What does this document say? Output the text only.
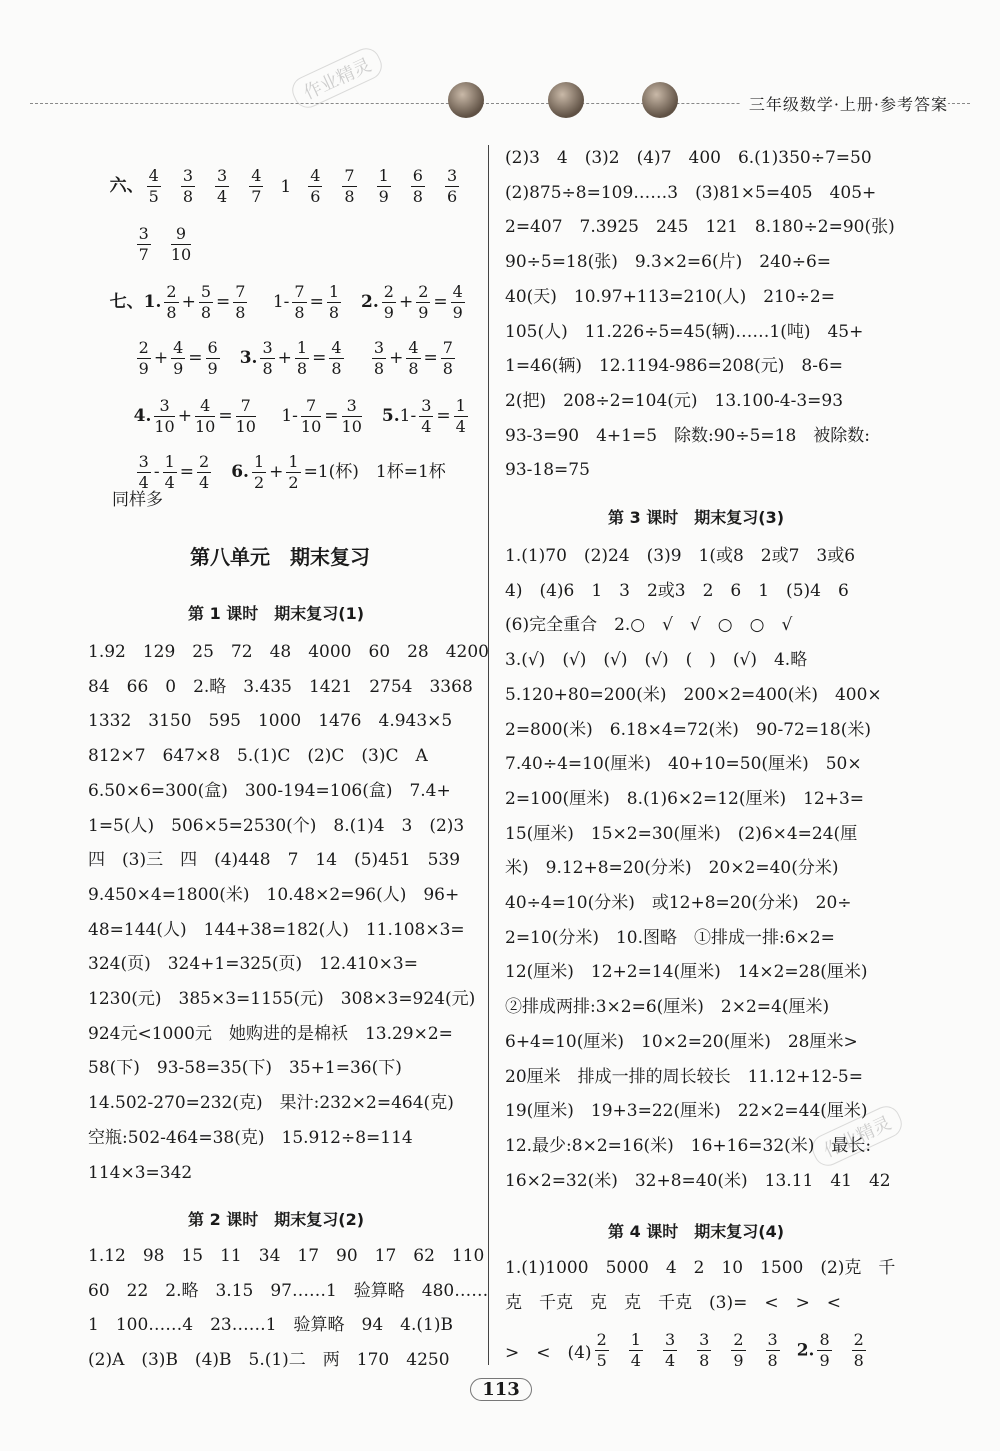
三年级数学·上册·参考答案
作业精灵
作业精灵

六、 $\frac{4}{5} \frac{3}{8} \frac{3}{4} \frac{4}{7} 1 \frac{4}{6} \frac{7}{8} \frac{1}{9} \frac{6}{8} \frac{3}{6}$

$\frac{3}{7} \frac{9}{10}$

七、1. $\frac{2}{8} + \frac{5}{8} = \frac{7}{8}$ 　 $1- \frac{7}{8} = \frac{1}{8}$
　 2. $\frac{2}{9} + \frac{2}{9} = \frac{4}{9}$

$\frac{2}{9} + \frac{4}{9} = \frac{6}{9}$
　 3. $\frac{3}{8} + \frac{1}{8} = \frac{4}{8}$
　 $\frac{3}{8} + \frac{4}{8} = \frac{7}{8}$

4. $\frac{3}{10} + \frac{4}{10} = \frac{7}{10}$ 　 $1- \frac{7}{10} = \frac{3}{10}$
　 $5.1- \frac{3}{4} = \frac{1}{4}$

$\frac{3}{4} - \frac{1}{4} = \frac{2}{4}$
　 6. $\frac{1}{2} + \frac{1}{2} =1$(杯)　1杯=1杯

同样多
第八单元　期末复习
第 1 课时　期末复习(1)
1.92　129　25　72　48　4000　60　28　4200
84　66　0　2.略　3.435　1421　2754　3368
1332　3150　595　1000　1476　4.943×5
812×7　647×8　5.(1)C　(2)C　(3)C　A
6.50×6=300(盒)　300-194=106(盒)　7.4+
1=5(人)　506×5=2530(个)　8.(1)4　3　(2)3
四　(3)三　四　(4)448　7　14　(5)451　539
9.450×4=1800(米)　10.48×2=96(人)　96+
48=144(人)　144+38=182(人)　11.108×3=
324(页)　324+1=325(页)　12.410×3=
1230(元)　385×3=1155(元)　308×3=924(元)
924元<1000元　她购进的是棉袄　13.29×2=
58(下)　93-58=35(下)　35+1=36(下)
14.502-270=232(克)　果汁:232×2=464(克)
空瓶:502-464=38(克)　15.912÷8=114
114×3=342
第 2 课时　期末复习(2)
1.12　98　15　11　34　17　90　17　62　110
60　22　2.略　3.15　97……1　验算略　480……
1　100……4　23……1　验算略　94　4.(1)B
(2)A　(3)B　(4)B　5.(1)二　两　170　4250
(2)3　4　(3)2　(4)7　400　6.(1)350÷7=50
(2)875÷8=109……3　(3)81×5=405　405+
2=407　7.3925　245　121　8.180÷2=90(张)
90÷5=18(张)　9.3×2=6(片)　240÷6=
40(天)　10.97+113=210(人)　210÷2=
105(人)　11.226÷5=45(辆)……1(吨)　45+
1=46(辆)　12.1194-986=208(元)　8-6=
2(把)　208÷2=104(元)　13.100-4-3=93
93-3=90　4+1=5　除数:90÷5=18　被除数:
93-18=75
第 3 课时　期末复习(3)
1.(1)70　(2)24　(3)9　1(或8　2或7　3或6
4)　(4)6　1　3　2或3　2　6　1　(5)4　6
(6)完全重合　2.○　√　√　○　○　√
3.(√)　(√)　(√)　(√)　(　)　(√)　4.略
5.120+80=200(米)　200×2=400(米)　400×
2=800(米)　6.18×4=72(米)　90-72=18(米)
7.40÷4=10(厘米)　40+10=50(厘米)　50×
2=100(厘米)　8.(1)6×2=12(厘米)　12+3=
15(厘米)　15×2=30(厘米)　(2)6×4=24(厘
米)　9.12+8=20(分米)　20×2=40(分米)
40÷4=10(分米)　或12+8=20(分米)　20÷
2=10(分米)　10.图略　①排成一排:6×2=
12(厘米)　12+2=14(厘米)　14×2=28(厘米)
②排成两排:3×2=6(厘米)　2×2=4(厘米)
6+4=10(厘米)　10×2=20(厘米)　28厘米>
20厘米　排成一排的周长较长　11.12+12-5=
19(厘米)　19+3=22(厘米)　22×2=44(厘米)
12.最少:8×2=16(米)　16+16=32(米)　最长:
16×2=32(米)　32+8=40(米)　13.11　41　42
第 4 课时　期末复习(4)
1.(1)1000　5000　4　2　10　1500　(2)克　千
克　千克　克　克　千克　(3)=　<　>　<
>　<　$(4) \frac{2}{5} \frac{1}{4} \frac{3}{4} \frac{3}{8} \frac{2}{9} \frac{3}{8} 2$. $\frac{8}{9} \frac{2}{8}$
113
